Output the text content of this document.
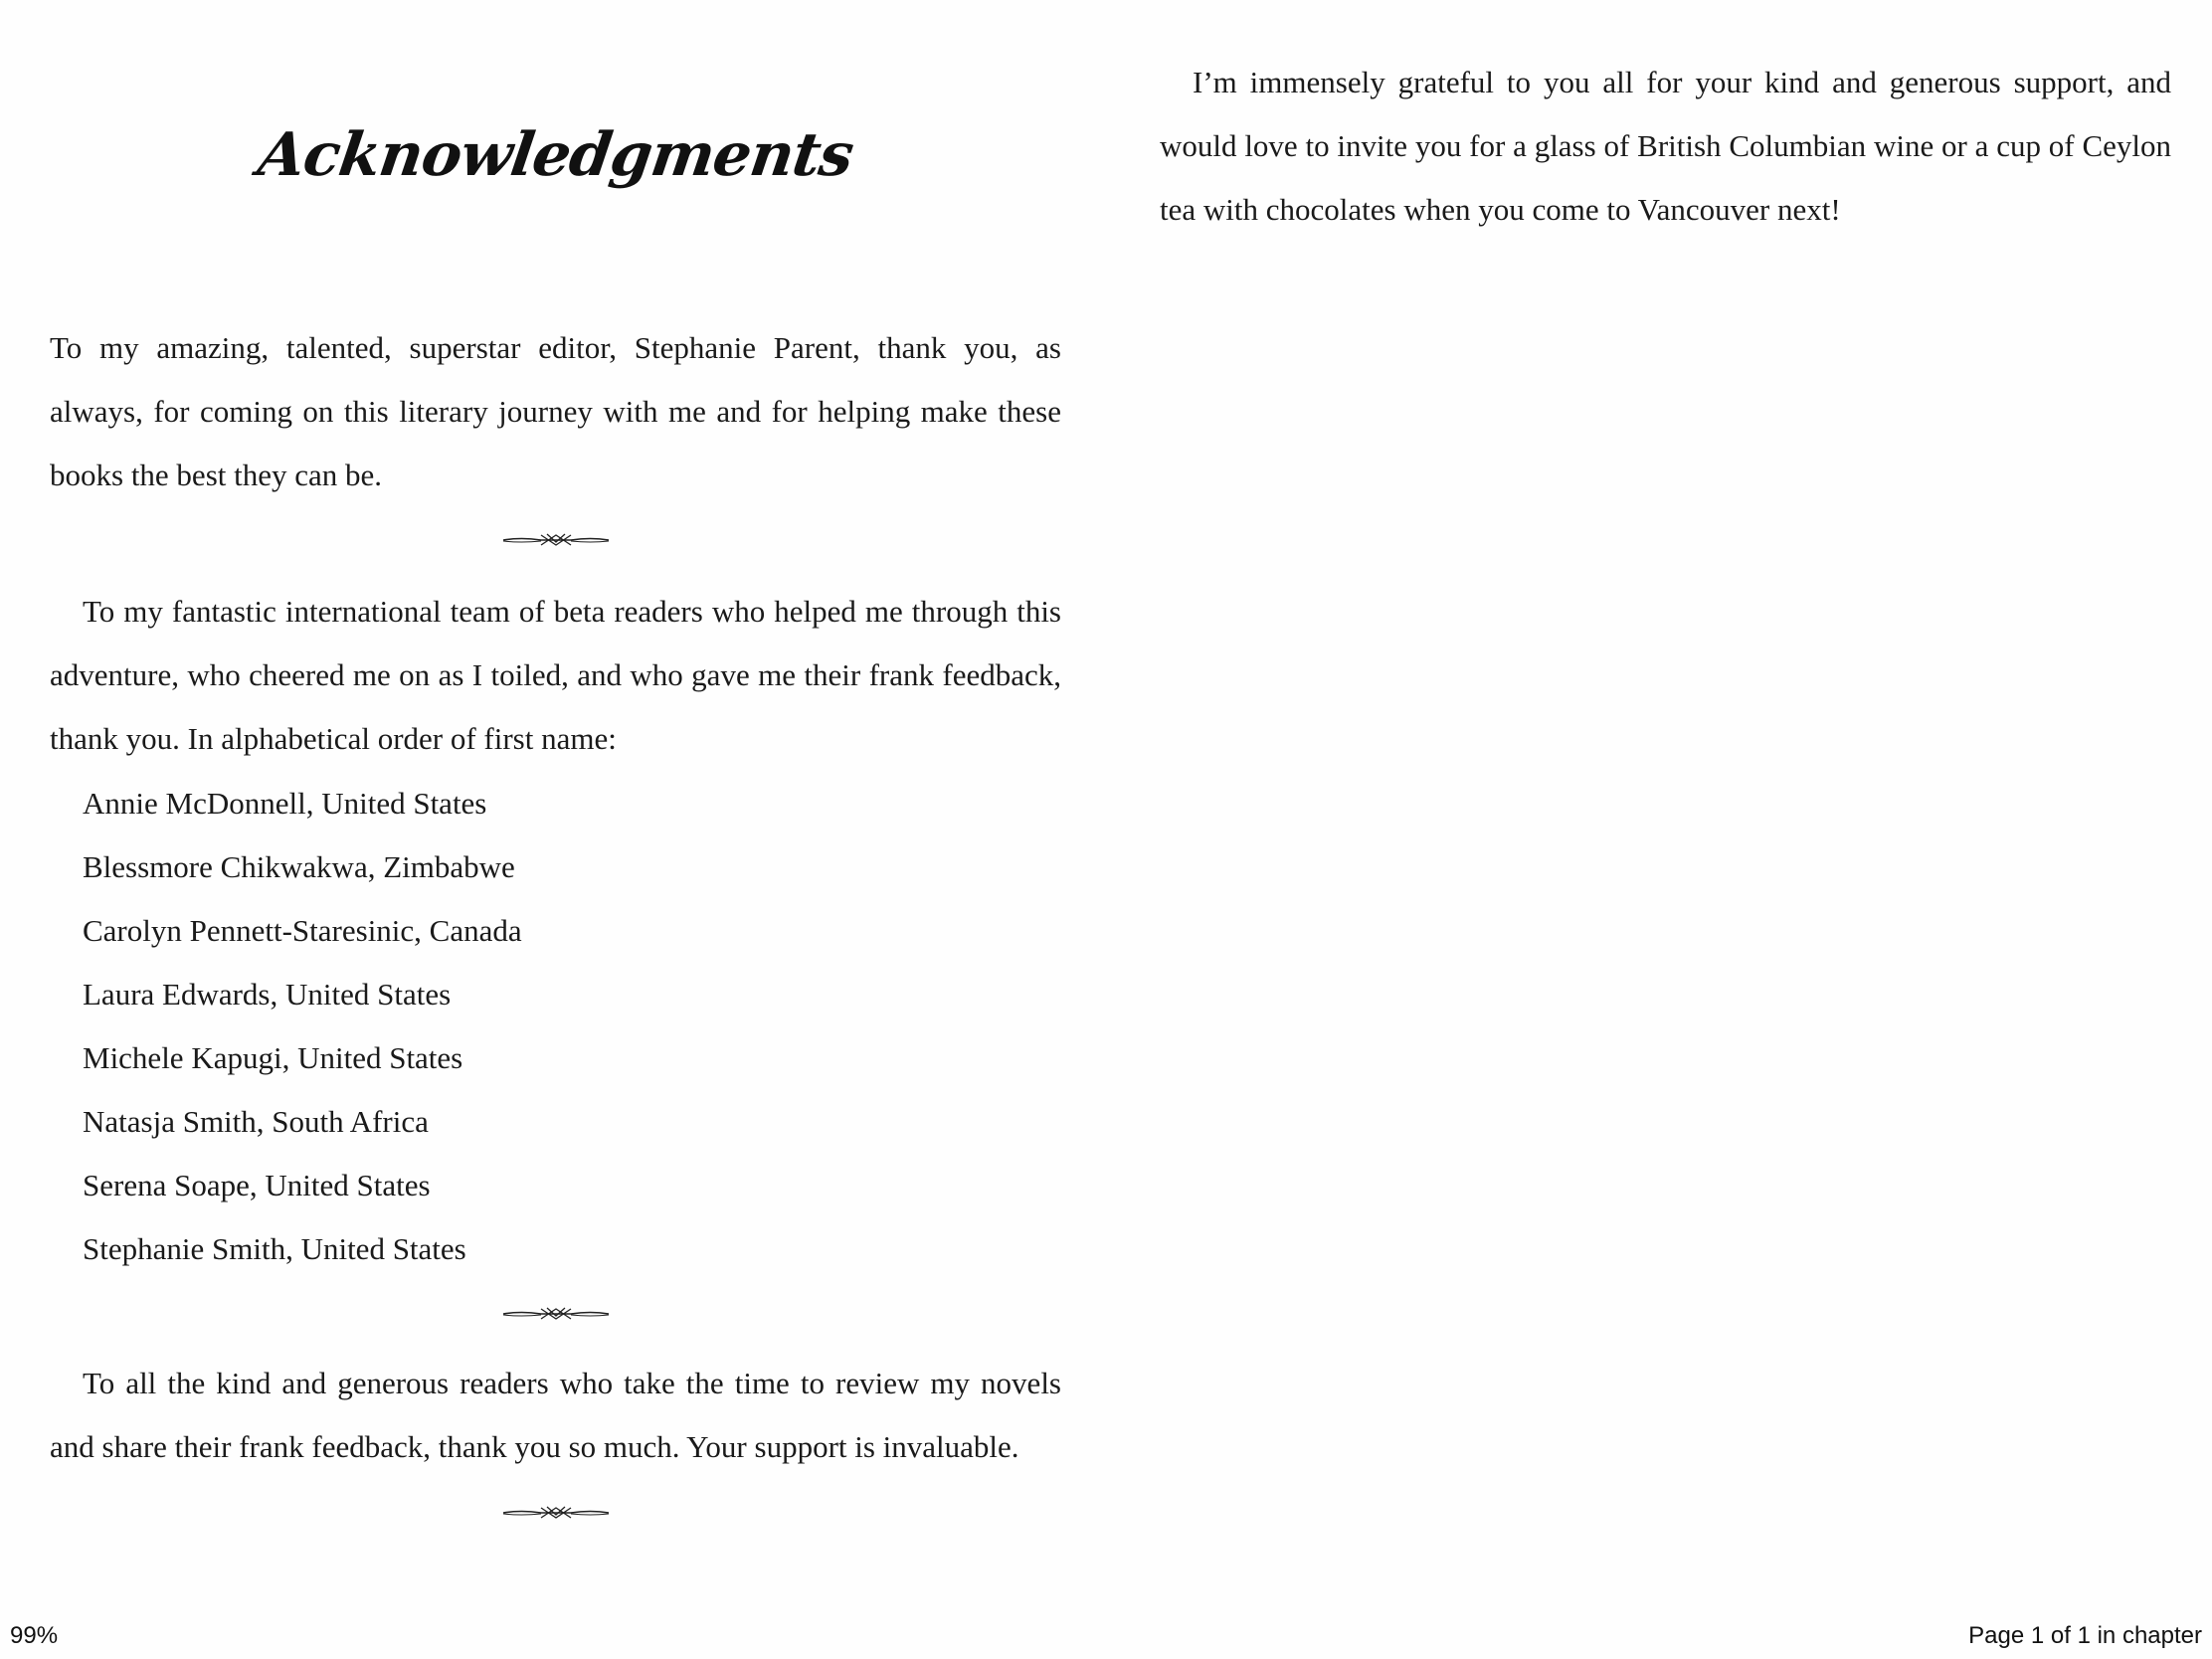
To my amazing, talented, superstar editor, Stephanie Parent, thank you, as always, for coming on this literary journey with me and for helping make these books the best they can be.

To my fantastic international team of beta readers who helped me through this adventure, who cheered me on as I toiled, and who gave me their frank feedback, thank you. In alphabetical order of first name:

Annie McDonnell, United States

Blessmore Chikwakwa, Zimbabwe

Carolyn Pennett-Staresinic, Canada

Laura Edwards, United States

Michele Kapugi, United States

Natasja Smith, South Africa

Serena Soape, United States

Stephanie Smith, United States

To all the kind and generous readers who take the time to review my novels and share their frank feedback, thank you so much. Your support is invaluable.

Acknowledgments

I’m immensely grateful to you all for your kind and generous support, and would love to invite you for a glass of British Columbian wine or a cup of Ceylon tea with chocolates when you come to Vancouver next!

99%	Page 1 of 1 in chapter
